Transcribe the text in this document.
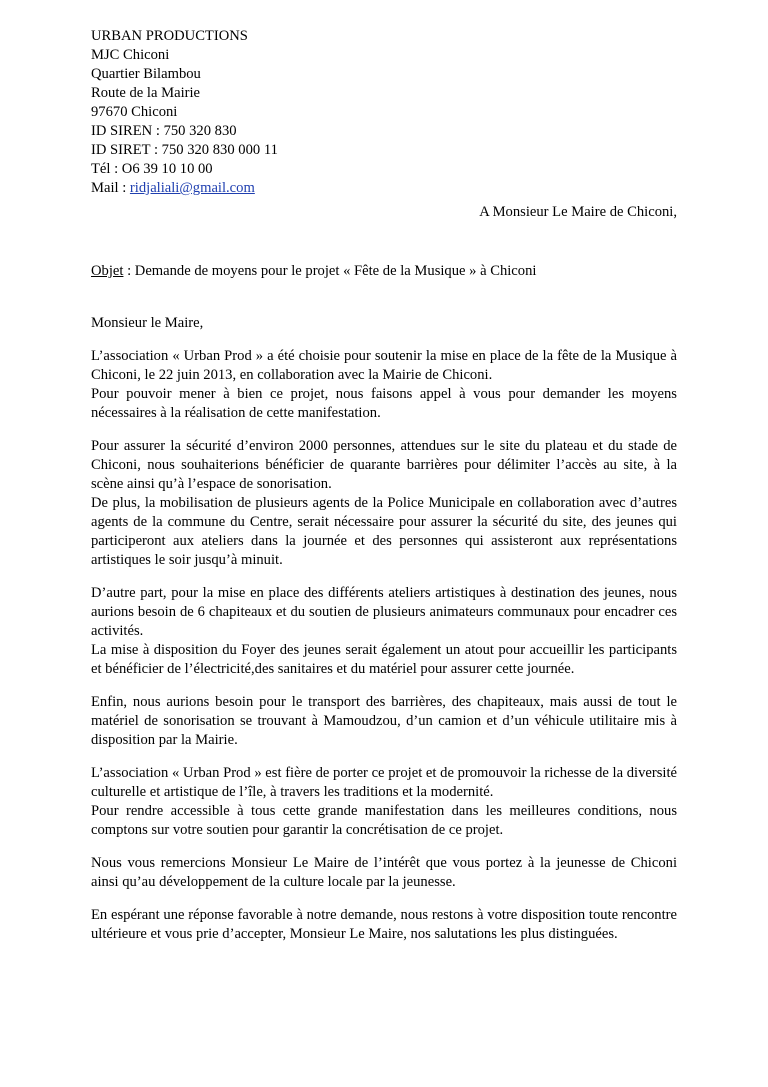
URBAN PRODUCTIONS
MJC Chiconi
Quartier Bilambou
Route de la Mairie
97670 Chiconi
ID SIREN : 750 320 830
ID SIRET : 750 320 830 000 11
Tél : O6 39 10 10 00
Mail : ridjaliali@gmail.com
A Monsieur Le Maire de Chiconi,
Objet : Demande de moyens pour le projet « Fête de la Musique » à Chiconi
Monsieur le Maire,

L’association « Urban Prod » a été choisie pour soutenir la mise en place de la fête de la Musique à Chiconi, le 22 juin 2013, en collaboration avec la Mairie de Chiconi.

Pour pouvoir mener à bien ce projet, nous faisons appel à vous pour demander les moyens nécessaires à la réalisation de cette manifestation.

Pour assurer la sécurité d’environ 2000 personnes, attendues sur le site du plateau et du stade de Chiconi, nous souhaiterions bénéficier de quarante barrières pour délimiter l’accès au site, à la scène ainsi qu’à l’espace de sonorisation.

De plus, la mobilisation de plusieurs agents de la Police Municipale en collaboration avec d’autres agents de la commune du Centre, serait nécessaire pour assurer la sécurité du site, des jeunes qui participeront aux ateliers dans la journée et des personnes qui assisteront aux représentations artistiques le soir jusqu’à minuit.

D’autre part, pour la mise en place des différents ateliers artistiques à destination des jeunes, nous aurions besoin de 6 chapiteaux et du soutien de plusieurs animateurs communaux pour encadrer ces activités.

La mise à disposition du Foyer des jeunes serait également un atout pour accueillir les participants et bénéficier de l’électricité,des sanitaires et du matériel pour assurer cette journée.

Enfin, nous aurions besoin pour le transport des barrières, des chapiteaux, mais aussi de tout le matériel de sonorisation se trouvant à Mamoudzou, d’un camion et d’un véhicule utilitaire mis à disposition par la Mairie.

L’association « Urban Prod » est fière de porter ce projet et de promouvoir la richesse de la diversité culturelle et artistique de l’île, à travers les traditions et la modernité.

Pour rendre accessible à tous cette grande manifestation dans les meilleures conditions, nous comptons sur votre soutien pour garantir la concrétisation de ce projet.

Nous vous remercions Monsieur Le Maire de l’intérêt que vous portez à la jeunesse de Chiconi ainsi qu’au développement de la culture locale par la jeunesse.

En espérant une réponse favorable à notre demande, nous restons à votre disposition toute rencontre ultérieure et vous prie d’accepter, Monsieur Le Maire, nos salutations les plus distinguées.
